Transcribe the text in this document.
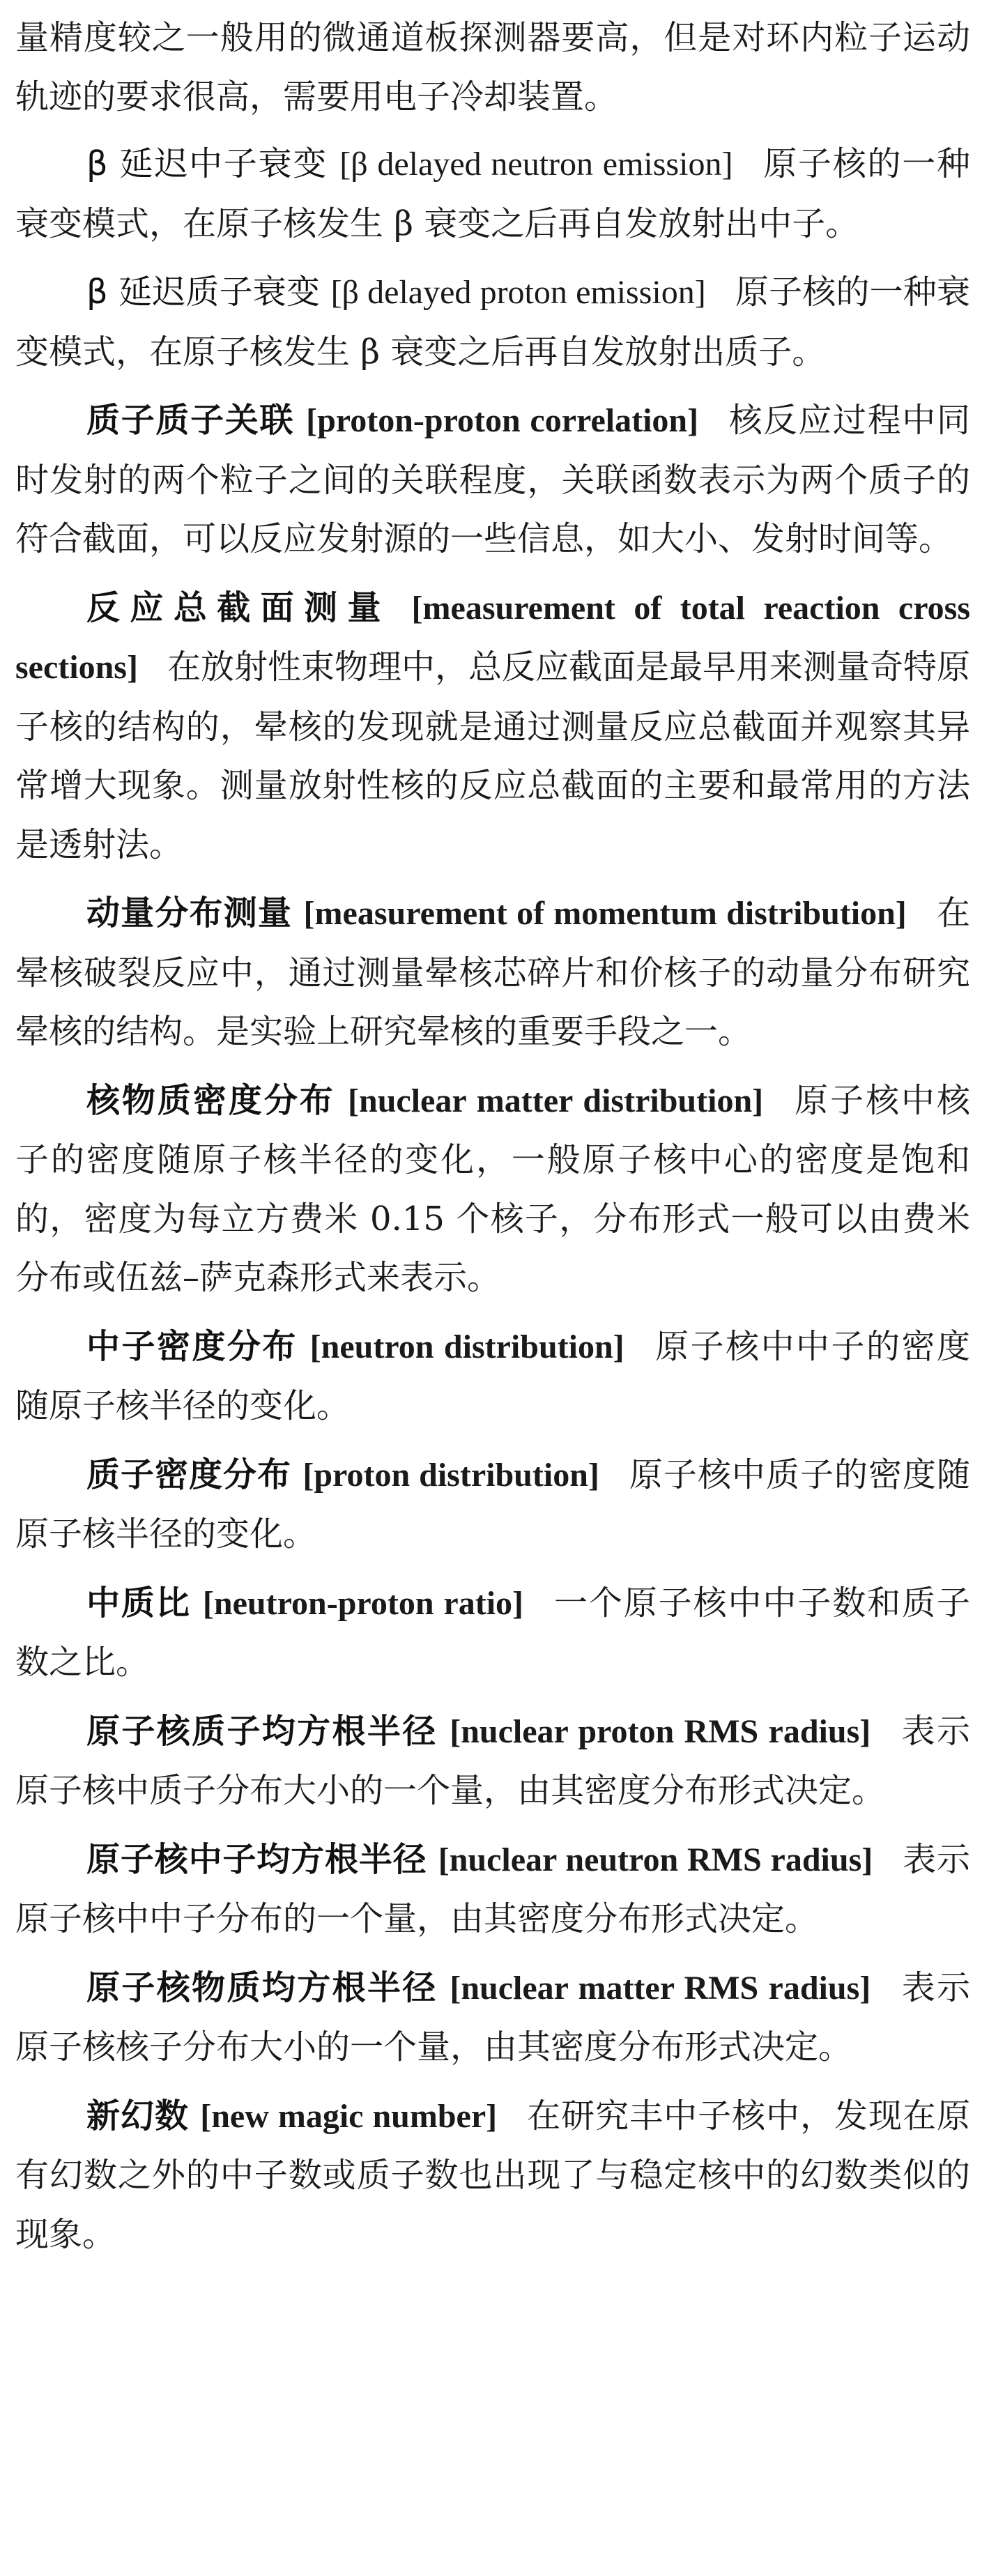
量精度较之一般用的微通道板探测器要高，但是对环内粒子运动轨迹的要求很高，需要用电子冷却装置。

β 延迟中子衰变 [β delayed neutron emission] 原子核的一种衰变模式，在原子核发生 β 衰变之后再自发放射出中子。

β 延迟质子衰变 [β delayed proton emission] 原子核的一种衰变模式，在原子核发生 β 衰变之后再自发放射出质子。

质子质子关联 [proton-proton correlation] 核反应过程中同时发射的两个粒子之间的关联程度，关联函数表示为两个质子的符合截面，可以反应发射源的一些信息，如大小、发射时间等。

反应总截面测量 [measurement of total reaction cross sections] 在放射性束物理中，总反应截面是最早用来测量奇特原子核的结构的，晕核的发现就是通过测量反应总截面并观察其异常增大现象。测量放射性核的反应总截面的主要和最常用的方法是透射法。

动量分布测量 [measurement of momentum distribution] 在晕核破裂反应中，通过测量晕核芯碎片和价核子的动量分布研究晕核的结构。是实验上研究晕核的重要手段之一。

核物质密度分布 [nuclear matter distribution] 原子核中核子的密度随原子核半径的变化，一般原子核中心的密度是饱和的，密度为每立方费米 0.15 个核子，分布形式一般可以由费米分布或伍兹–萨克森形式来表示。

中子密度分布 [neutron distribution] 原子核中中子的密度随原子核半径的变化。

质子密度分布 [proton distribution] 原子核中质子的密度随原子核半径的变化。

中质比 [neutron-proton ratio] 一个原子核中中子数和质子数之比。

原子核质子均方根半径 [nuclear proton RMS radius] 表示原子核中质子分布大小的一个量，由其密度分布形式决定。

原子核中子均方根半径 [nuclear neutron RMS radius] 表示原子核中中子分布的一个量，由其密度分布形式决定。

原子核物质均方根半径 [nuclear matter RMS radius] 表示原子核核子分布大小的一个量，由其密度分布形式决定。

新幻数 [new magic number] 在研究丰中子核中，发现在原有幻数之外的中子数或质子数也出现了与稳定核中的幻数类似的现象。
